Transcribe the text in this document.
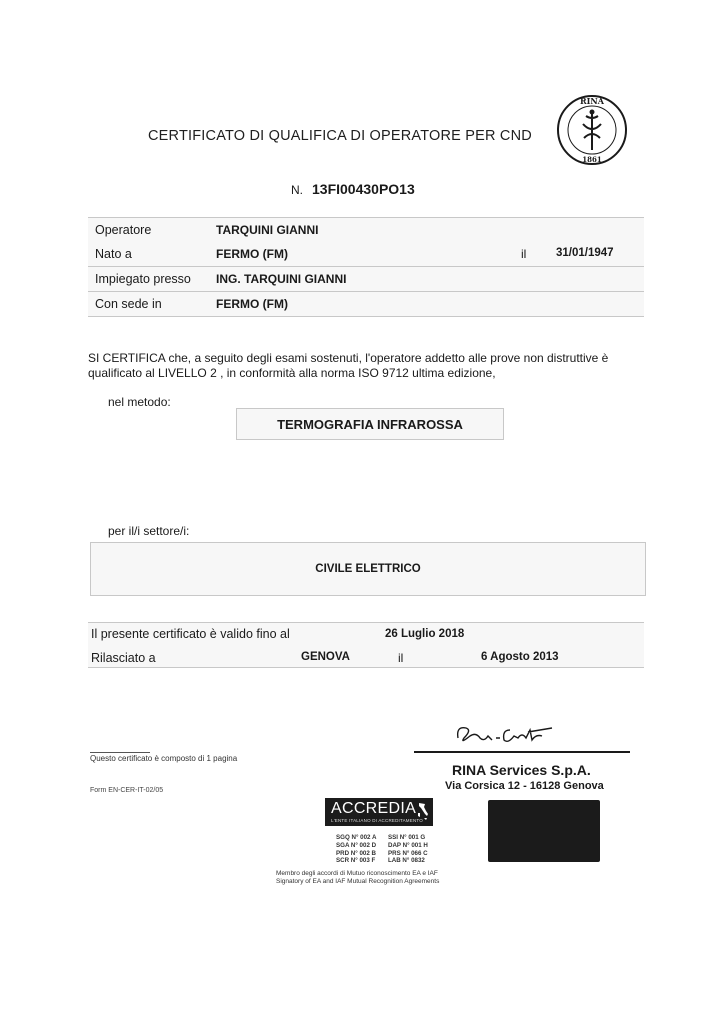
CERTIFICATO DI QUALIFICA DI OPERATORE PER CND
RINA
1861
N. 13FI00430PO13
Operatore	TARQUINI GIANNI
Nato a	FERMO (FM)	il	31/01/1947
Impiegato presso ING. TARQUINI GIANNI
Con sede in	FERMO (FM)
SI CERTIFICA che, a seguito degli esami sostenuti, l'operatore addetto alle prove non distruttive è
qualificato al LIVELLO 2 , in conformità alla norma ISO 9712 ultima edizione,
nel metodo:
TERMOGRAFIA INFRAROSSA
per il/i settore/i:
CIVILE ELETTRICO
Il presente certificato è valido fino al	26 Luglio 2018
Rilasciato a	GENOVA	il	6 Agosto 2013
Questo certificato è composto di 1 pagina
Form EN-CER-IT-02/05
RINA Services S.p.A.
Via Corsica 12 - 16128 Genova
ACCREDIA
L'ENTE ITALIANO DI ACCREDITAMENTO
SGQ N° 002 A
SGA N° 002 D
PRD N° 002 B
SCR N° 003 F
SSI N° 001 G
DAP N° 001 H
PRS N° 066 C
LAB N° 0832
Membro degli accordi di Mutuo riconoscimento EA e IAF
Signatory of EA and IAF Mutual Recognition Agreements
